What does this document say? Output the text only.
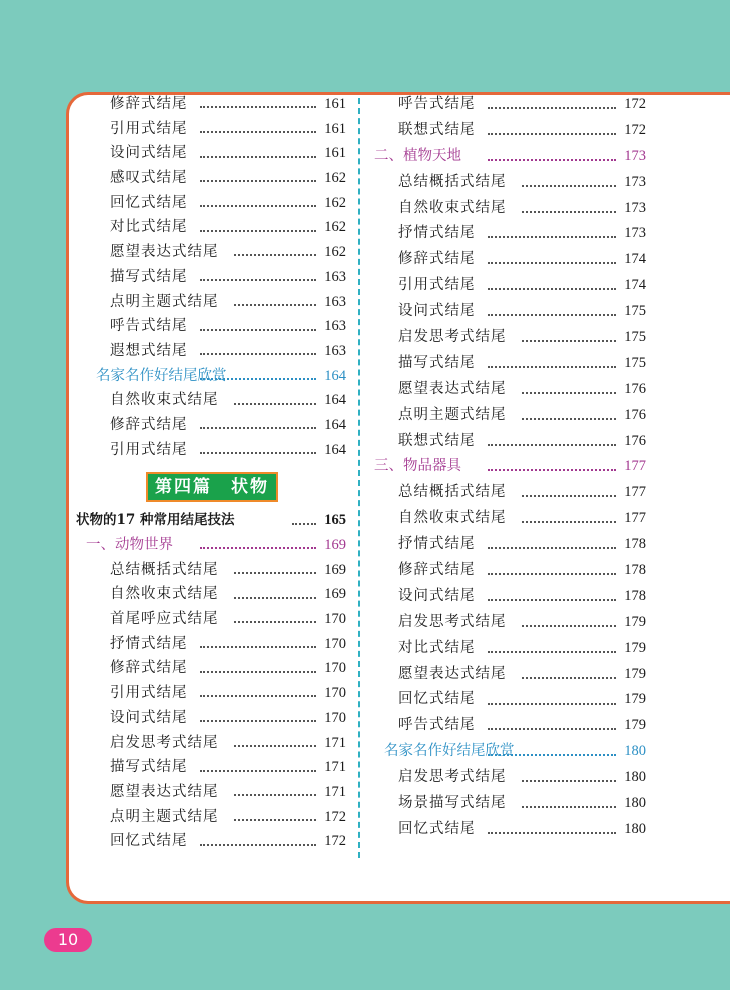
修辞式结尾	161
引用式结尾	161
设问式结尾	161
感叹式结尾	162
回忆式结尾	162
对比式结尾	162
愿望表达式结尾	162
描写式结尾	163
点明主题式结尾	163
呼告式结尾	163
遐想式结尾	163
名家名作好结尾欣赏	164
自然收束式结尾	164
修辞式结尾	164
引用式结尾	164
第四篇　状物
状物的17 种常用结尾技法	165
一、动物世界	169
总结概括式结尾	169
自然收束式结尾	169
首尾呼应式结尾	170
抒情式结尾	170
修辞式结尾	170
引用式结尾	170
设问式结尾	170
启发思考式结尾	171
描写式结尾	171
愿望表达式结尾	171
点明主题式结尾	172
回忆式结尾	172
呼告式结尾	172
联想式结尾	172
二、植物天地	173
总结概括式结尾	173
自然收束式结尾	173
抒情式结尾	173
修辞式结尾	174
引用式结尾	174
设问式结尾	175
启发思考式结尾	175
描写式结尾	175
愿望表达式结尾	176
点明主题式结尾	176
联想式结尾	176
三、物品器具	177
总结概括式结尾	177
自然收束式结尾	177
抒情式结尾	178
修辞式结尾	178
设问式结尾	178
启发思考式结尾	179
对比式结尾	179
愿望表达式结尾	179
回忆式结尾	179
呼告式结尾	179
名家名作好结尾欣赏	180
启发思考式结尾	180
场景描写式结尾	180
回忆式结尾	180
10
